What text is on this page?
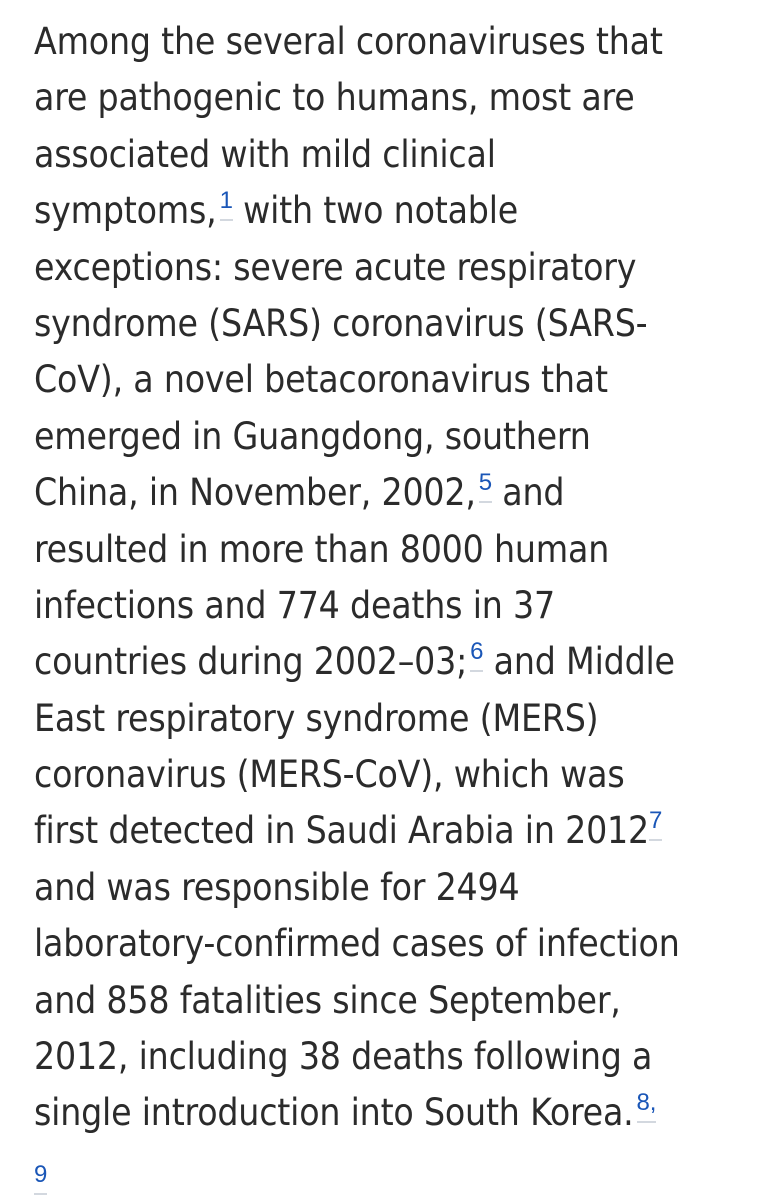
Among the several coronaviruses that
are pathogenic to humans, most are
associated with mild clinical
symptoms, 1 with two notable
exceptions: severe acute respiratory
syndrome (SARS) coronavirus (SARS-
CoV), a novel betacoronavirus that
emerged in Guangdong, southern
China, in November, 2002, 5 and
resulted in more than 8000 human
infections and 774 deaths in 37
countries during 2002–03; 6 and Middle
East respiratory syndrome (MERS)
coronavirus (MERS-CoV), which was
first detected in Saudi Arabia in 20127
and was responsible for 2494
laboratory-confirmed cases of infection
and 858 fatalities since September,
2012, including 38 deaths following a
single introduction into South Korea. 8,
9
